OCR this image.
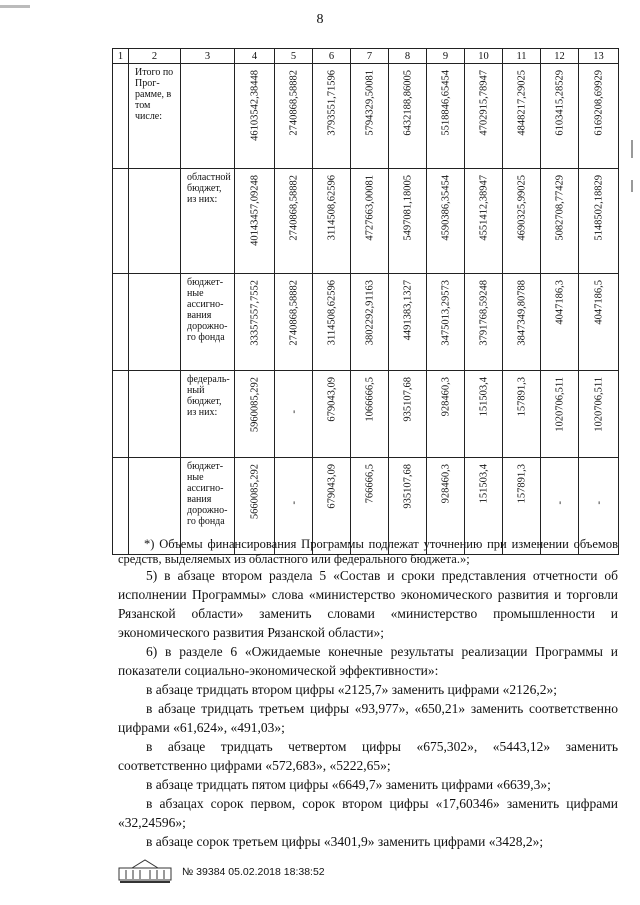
8
1	2	3	4	5	6	7	8	9	10	11	12	13
	Итого по Прог-раммe, в том числе:		46103542,38448	2740868,58882	3793551,71596	5794329,50081	6432188,86005	5518846,65454	4702915,78947	4848217,29025	6103415,28529	6169208,69929

		областной бюджет, из них:	40143457,09248	2740868,58882	3114508,62596	4727663,00081	5497081,18005	4590386,35454	4551412,38947	4690325,99025	5082708,77429	5148502,18829

		бюджет-ные ассигно-вания дорожно-го фонда	33357557,7552	2740868,58882	3114508,62596	3802292,91163	4491383,1327	3475013,29573	3791768,59248	3847349,80788	4047186,3	4047186,5

		федераль-ный бюджет, из них:	5960085,292	-	679043,09	1066666,5	935107,68	928460,3	151503,4	157891,3	1020706,511	1020706,511

		бюджет-ные ассигно-вания дорожно-го фонда	5660085,292	-	679043,09	766666,5	935107,68	928460,3	151503,4	157891,3	-	-
*) Объемы финансирования Программы подлежат уточнению при изменении объемов средств, выделяемых из областного или федерального бюджета.»;
5) в абзаце втором раздела 5 «Состав и сроки представления отчетности об исполнении Программы» слова «министерство экономического развития и торговли Рязанской области» заменить словами «министерство промышленности и экономического развития Рязанской области»;
6) в разделе 6 «Ожидаемые конечные результаты реализации Программы и показатели социально-экономической эффективности»:
в абзаце тридцать втором цифры «2125,7» заменить цифрами «2126,2»;
в абзаце тридцать третьем цифры «93,977», «650,21» заменить соответственно цифрами «61,624», «491,03»;
в абзаце тридцать четвертом цифры «675,302», «5443,12» заменить соответственно цифрами «572,683», «5222,65»;
в абзаце тридцать пятом цифры «6649,7» заменить цифрами «6639,3»;
в абзацах сорок первом, сорок втором цифры «17,60346» заменить цифрами «32,24596»;
в абзаце сорок третьем цифры «3401,9» заменить цифрами «3428,2»;
№ 39384 05.02.2018 18:38:52
